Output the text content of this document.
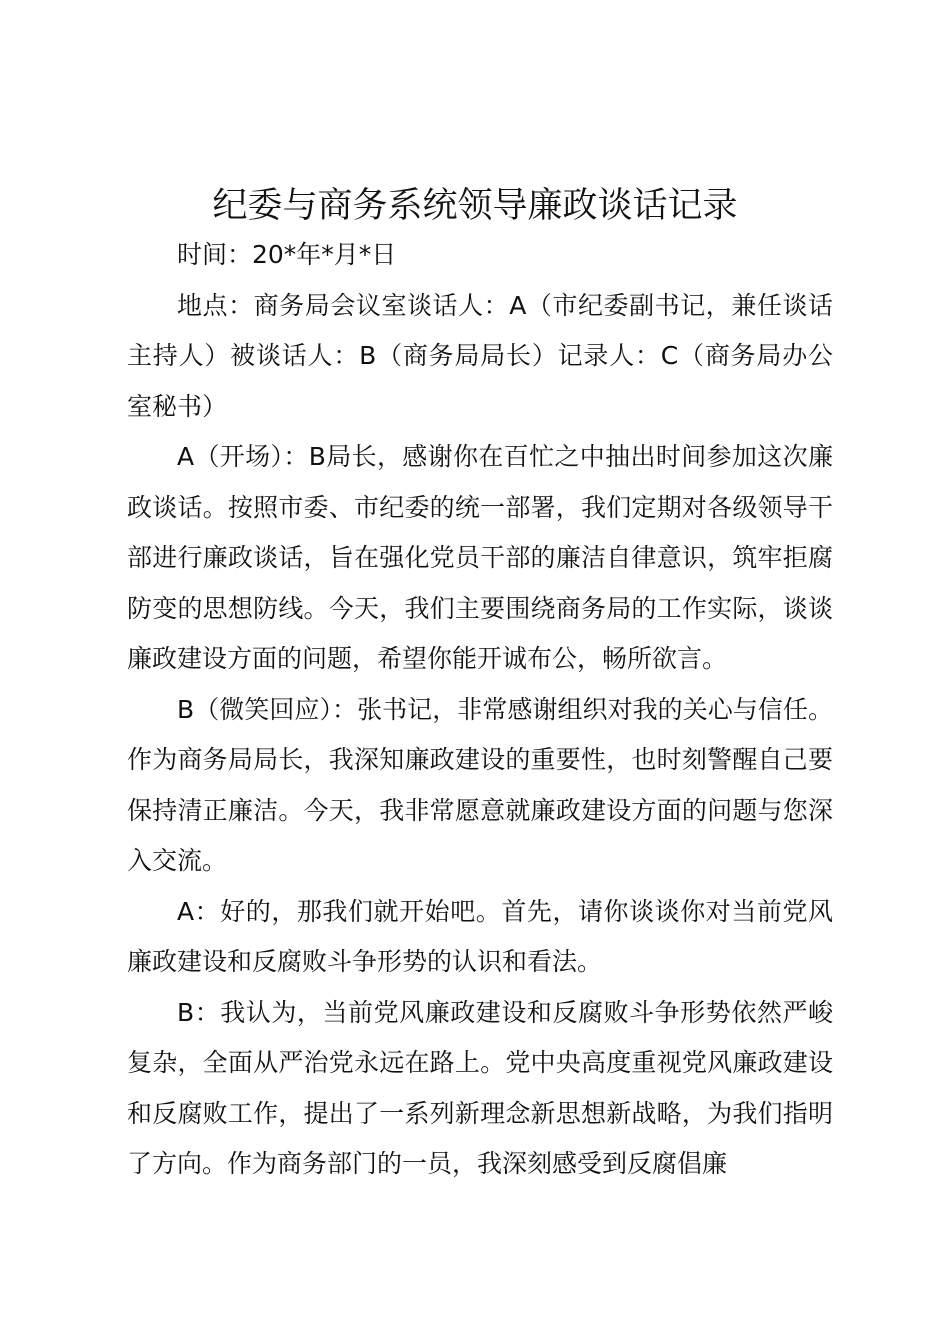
纪委与商务系统领导廉政谈话记录

时间：20*年*月*日

地点：商务局会议室谈话人：A（市纪委副书记，兼任谈话主持人）被谈话人：B（商务局局长）记录人：C（商务局办公室秘书）

A（开场）：B局长，感谢你在百忙之中抽出时间参加这次廉政谈话。按照市委、市纪委的统一部署，我们定期对各级领导干部进行廉政谈话，旨在强化党员干部的廉洁自律意识，筑牢拒腐防变的思想防线。今天，我们主要围绕商务局的工作实际，谈谈廉政建设方面的问题，希望你能开诚布公，畅所欲言。

B（微笑回应）：张书记，非常感谢组织对我的关心与信任。作为商务局局长，我深知廉政建设的重要性，也时刻警醒自己要保持清正廉洁。今天，我非常愿意就廉政建设方面的问题与您深入交流。

A：好的，那我们就开始吧。首先，请你谈谈你对当前党风廉政建设和反腐败斗争形势的认识和看法。

B：我认为，当前党风廉政建设和反腐败斗争形势依然严峻复杂，全面从严治党永远在路上。党中央高度重视党风廉政建设和反腐败工作，提出了一系列新理念新思想新战略，为我们指明了方向。作为商务部门的一员，我深刻感受到反腐倡廉
